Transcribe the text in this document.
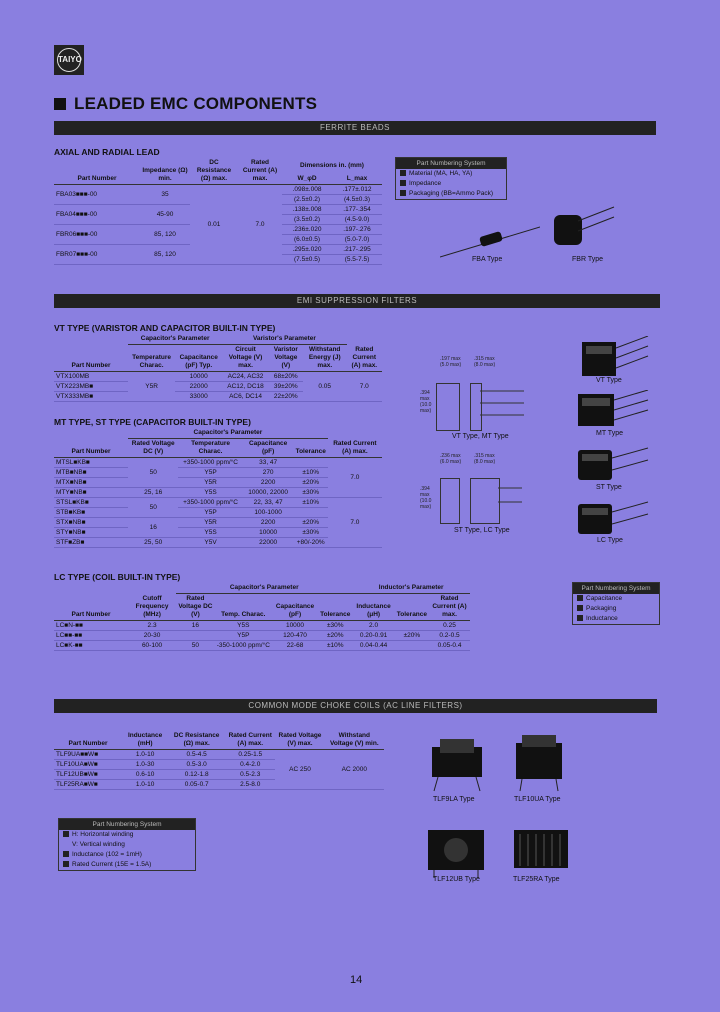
TAIYO
LEADED EMC COMPONENTS
FERRITE BEADS
AXIAL AND RADIAL LEAD
Part Number	Impedance (Ω) min.	DC Resistance (Ω) max.	Rated Current (A) max.	Dimensions in. (mm)	
				W_φD	L_max
FBA03■■■-00	35	0.01	7.0	.098±.008	.177±.012
				(2.5±0.2)	(4.5±0.3)
FBA04■■■-00	45-90			.138±.008	.177-.354
				(3.5±0.2)	(4.5-9.0)
FBR06■■■-00	85, 120			.236±.020	.197-.276
				(6.0±0.5)	(5.0-7.0)
FBR07■■■-00	85, 120			.295±.020	.217-.295
				(7.5±0.5)	(5.5-7.5)
Part Numbering System
Material (MA, HA, YA)
Impedance
Packaging (BB=Ammo Pack)
FBA Type	FBR Type
EMI SUPPRESSION FILTERS
VT TYPE (VARISTOR AND CAPACITOR BUILT-IN TYPE)
Part Number	Capacitor's Parameter		Varistor's Parameter			Rated Current (A) max.
	Temperature Charac.	Capacitance (pF) Typ.	Circuit Voltage (V) max.	Varistor Voltage (V)	Withstand Energy (J) max.	
VTX100MB	Y5R	10000	AC24, AC32	68±20%	0.05	7.0
VTX223MB■		22000	AC12, DC18	39±20%		
VTX333MB■		33000	AC6, DC14	22±20%		
MT TYPE, ST TYPE (CAPACITOR BUILT-IN TYPE)
Part Number	Capacitor's Parameter				Rated Current (A) max.
	Rated Voltage DC (V)	Temperature Charac.	Capacitance (pF)	Tolerance	
MTSL■KB■	50	+350-1000 ppm/°C	33, 47		7.0
MTB■NB■		Y5P	270	±10%	
MTX■NB■		Y5R	2200	±20%	
MTY■NB■	25, 16	Y5S	10000, 22000	±30%	
STSL■KB■	50	+350-1000 ppm/°C	22, 33, 47	±10%	7.0
STB■KB■		Y5P	100-1000		
STX■NB■	16	Y5R	2200	±20%	
STY■NB■		Y5S	10000	±30%	
STF■ZB■	25, 50	Y5V	22000	+80/-20%	
LC TYPE (COIL BUILT-IN TYPE)
Part Number	Cutoff Frequency (MHz)	Capacitor's Parameter				Inductor's Parameter		
		Rated Voltage DC (V)	Temp. Charac.	Capacitance (pF)	Tolerance	Inductance (μH)	Tolerance	Rated Current (A) max.
LC■N-■■	2.3	16	Y5S	10000	±30%	2.0		0.25
LC■■-■■	20-30		Y5P	120-470	±20%	0.20-0.91	±20%	0.2-0.5
LC■K-■■	60-100	50	-350-1000 ppm/°C	22-68	±10%	0.04-0.44		0.05-0.4
Part Numbering System
Capacitance
Packaging
Inductance
.197 max (5.0 max)
.315 max (8.0 max)
.394 max (10.0 max)
VT Type, MT Type
.236 max (6.0 max)
.315 max (8.0 max)
.394 max (10.0 max)
ST Type, LC Type
VT Type
MT Type
ST Type
LC Type
COMMON MODE CHOKE COILS (AC LINE FILTERS)
Part Number	Inductance (mH)	DC Resistance (Ω) max.	Rated Current (A) max.	Rated Voltage (V) max.	Withstand Voltage (V) min.
TLF9UA■■W■	1.0-10	0.5-4.5	0.25-1.5	AC 250	AC 2000
TLF10UA■W■	1.0-30	0.5-3.0	0.4-2.0		
TLF12UB■W■	0.6-10	0.12-1.8	0.5-2.3		
TLF25RA■W■	1.0-10	0.05-0.7	2.5-8.0		
Part Numbering System
H: Horizontal winding
V: Vertical winding
Inductance (102 = 1mH)
Rated Current (15E = 1.5A)
TLF9LA Type	TLF10UA Type
TLF12UB Type	TLF25RA Type
14
